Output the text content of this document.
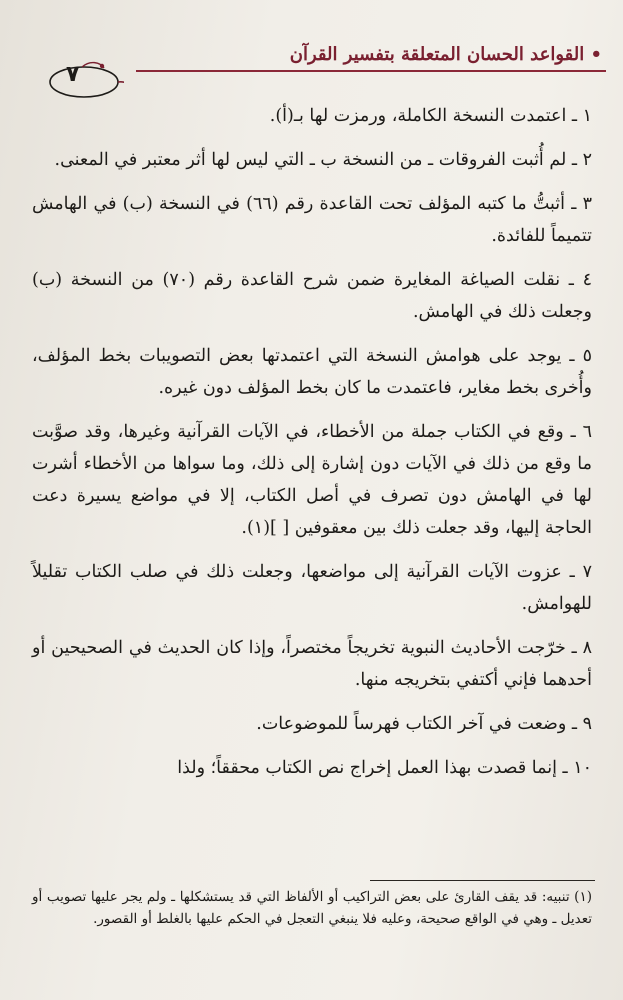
• القواعد الحسان المتعلقة بتفسير القرآن
٧

١ ـ اعتمدت النسخة الكاملة، ورمزت لها بـ(أ).

٢ ـ لم أُثبت الفروقات ـ من النسخة ب ـ التي ليس لها أثر معتبر في المعنى.

٣ ـ أثبتُّ ما كتبه المؤلف تحت القاعدة رقم (٦٦) في النسخة (ب) في الهامش تتميماً للفائدة.

٤ ـ نقلت الصياغة المغايرة ضمن شرح القاعدة رقم (٧٠) من النسخة (ب) وجعلت ذلك في الهامش.

٥ ـ يوجد على هوامش النسخة التي اعتمدتها بعض التصويبات بخط المؤلف، وأُخرى بخط مغاير، فاعتمدت ما كان بخط المؤلف دون غيره.

٦ ـ وقع في الكتاب جملة من الأخطاء، في الآيات القرآنية وغيرها، وقد صوَّبت ما وقع من ذلك في الآيات دون إشارة إلى ذلك، وما سواها من الأخطاء أشرت لها في الهامش دون تصرف في أصل الكتاب، إلا في مواضع يسيرة دعت الحاجة إليها، وقد جعلت ذلك بين معقوفين [ ](١).

٧ ـ عزوت الآيات القرآنية إلى مواضعها، وجعلت ذلك في صلب الكتاب تقليلاً للهوامش.

٨ ـ خرّجت الأحاديث النبوية تخريجاً مختصراً، وإذا كان الحديث في الصحيحين أو أحدهما فإني أكتفي بتخريجه منها.

٩ ـ وضعت في آخر الكتاب فهرساً للموضوعات.

١٠ ـ إنما قصدت بهذا العمل إخراج نص الكتاب محققاً؛ ولذا

(١) تنبيه: قد يقف القارئ على بعض التراكيب أو الألفاظ التي قد يستشكلها ـ ولم يجر عليها تصويب أو تعديل ـ وهي في الواقع صحيحة، وعليه فلا ينبغي التعجل في الحكم عليها بالغلط أو القصور.
